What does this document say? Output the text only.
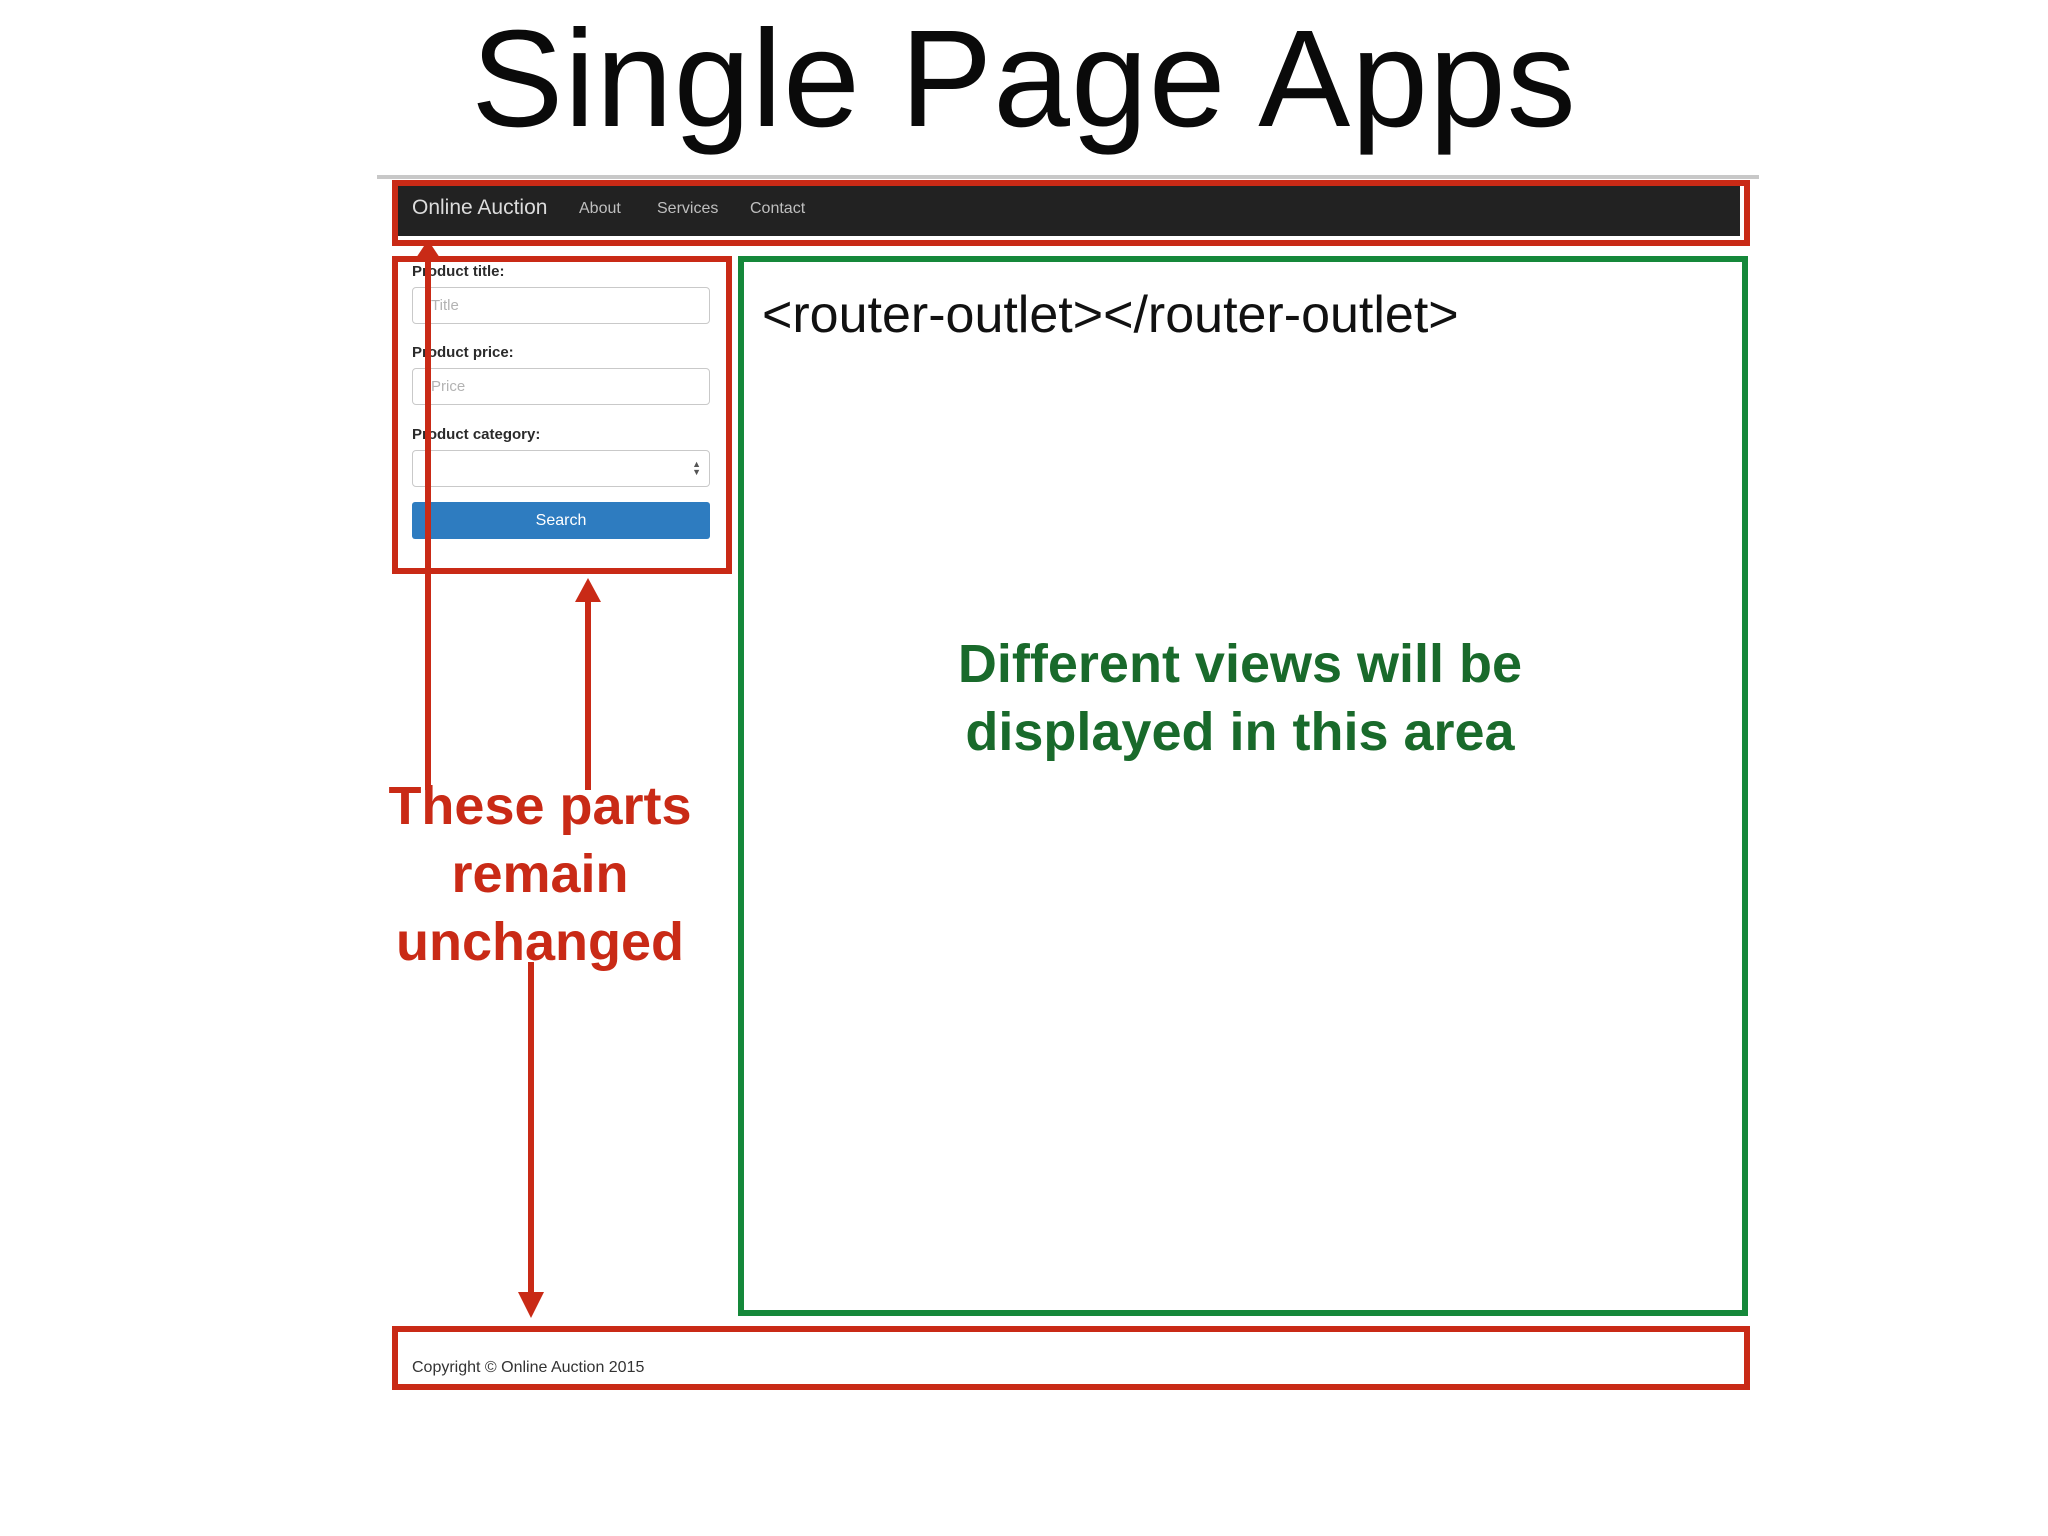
Single Page Apps
Online Auction About Services Contact
Product title:
Title
Product price:
Price
Product category:
▲
▼
Search
<router-outlet></router-outlet>
Different views will be displayed in this area
Copyright © Online Auction 2015
These parts remain unchanged
